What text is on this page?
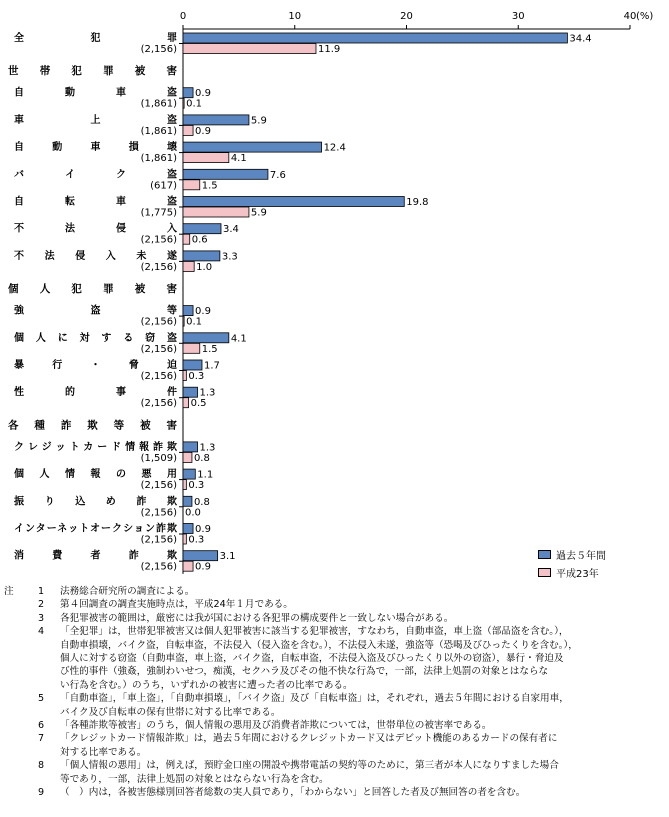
0	10	20	30	40 (%)
全犯罪
(2,156)
34.4
11.9
世帯犯罪被害
自動車盗
(1,861)
0.9
0.1
車上盗
(1,861)
5.9
0.9
自動車損壊
(1,861)
12.4
4.1
バイク盗
(617)
7.6
1.5
自転車盗
(1,775)
19.8
5.9
不法侵入
(2,156)
3.4
0.6
不法侵入未遂
(2,156)
3.3
1.0
個人犯罪被害
強盗等
(2,156)
0.9
0.1
個人に対する窃盗
(2,156)
4.1
1.5
暴行・脅迫
(2,156)
1.7
0.3
性的事件
(2,156)
1.3
0.5
各種詐欺等被害
クレジットカード情報詐欺
(1,509)
1.3
0.8
個人情報の悪用
(2,156)
1.1
0.3
振り込め詐欺
(2,156)
0.8
0.0
インターネットオークション詐欺
(2,156)
0.9
0.3
消費者詐欺
(2,156)
3.1
0.9
過去５年間
平成23年
注	1	法務総合研究所の調査による。
2	第４回調査の調査実施時点は，平成24年１月である。
3	各犯罪被害の範囲は，厳密には我が国における各犯罪の構成要件と一致しない場合がある。
4	「全犯罪」は，世帯犯罪被害又は個人犯罪被害に該当する犯罪被害，すなわち，自動車盗，車上盗（部品盗を含む。），
自動車損壊，バイク盗，自転車盗，不法侵入（侵入盗を含む。），不法侵入未遂，強盗等（恐喝及びひったくりを含む。），
個人に対する窃盗（自動車盗，車上盗，バイク盗，自転車盗，不法侵入盗及びひったくり以外の窃盗），暴行・脅迫及
び性的事件（強姦，強制わいせつ，痴漢，セクハラ及びその他不快な行為で，一部，法律上処罰の対象とはならな
い行為を含む。）のうち，いずれかの被害に遭った者の比率である。
5	「自動車盗」，「車上盗」，「自動車損壊」，「バイク盗」及び「自転車盗」は，それぞれ，過去５年間における自家用車，
バイク及び自転車の保有世帯に対する比率である。
6	「各種詐欺等被害」のうち，個人情報の悪用及び消費者詐欺については，世帯単位の被害率である。
7	「クレジットカード情報詐欺」は，過去５年間におけるクレジットカード又はデビット機能のあるカードの保有者に
対する比率である。
8	「個人情報の悪用」は，例えば，預貯金口座の開設や携帯電話の契約等のために，第三者が本人になりすました場合
等であり，一部，法律上処罰の対象とはならない行為を含む。
9	（　）内は，各被害態様別回答者総数の実人員であり，「わからない」と回答した者及び無回答の者を含む。
